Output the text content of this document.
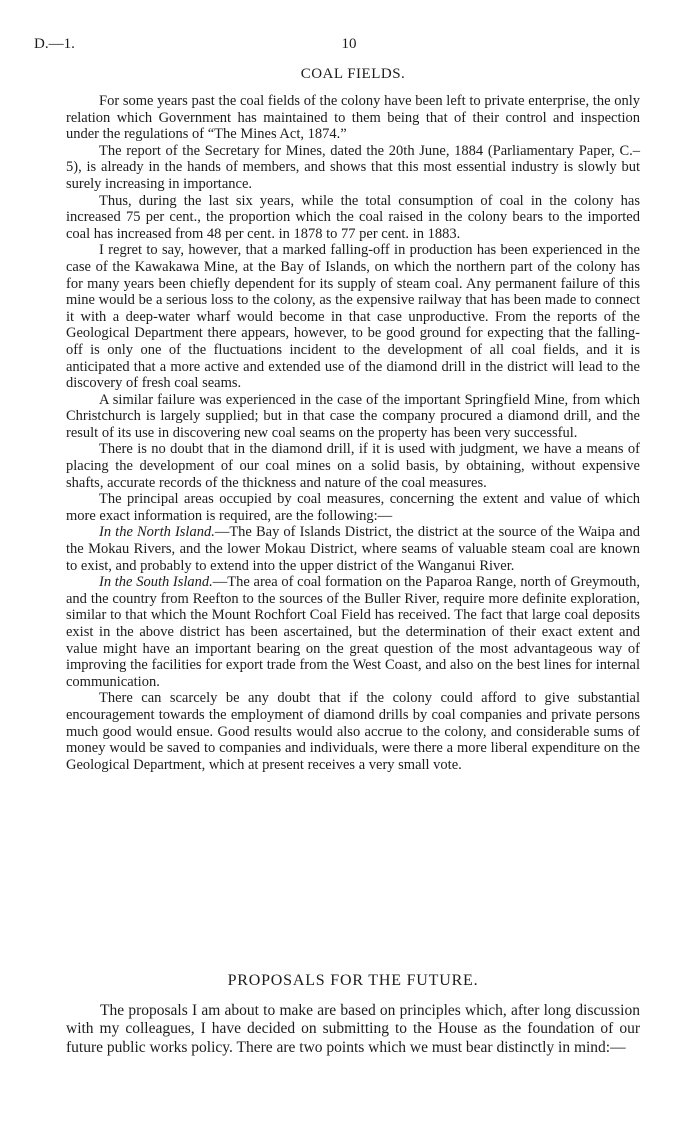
D.—1.	10
COAL FIELDS.

For some years past the coal fields of the colony have been left to private enterprise, the only relation which Government has maintained to them being that of their control and inspection under the regulations of “The Mines Act, 1874.”

The report of the Secretary for Mines, dated the 20th June, 1884 (Parliamentary Paper, C.–5), is already in the hands of members, and shows that this most essential industry is slowly but surely increasing in importance.

Thus, during the last six years, while the total consumption of coal in the colony has increased 75 per cent., the proportion which the coal raised in the colony bears to the imported coal has increased from 48 per cent. in 1878 to 77 per cent. in 1883.

I regret to say, however, that a marked falling-off in production has been experienced in the case of the Kawakawa Mine, at the Bay of Islands, on which the northern part of the colony has for many years been chiefly dependent for its supply of steam coal. Any permanent failure of this mine would be a serious loss to the colony, as the expensive railway that has been made to connect it with a deep-water wharf would become in that case unproductive. From the reports of the Geological Department there appears, however, to be good ground for expecting that the falling-off is only one of the fluctuations incident to the development of all coal fields, and it is anticipated that a more active and extended use of the diamond drill in the district will lead to the discovery of fresh coal seams.

A similar failure was experienced in the case of the important Springfield Mine, from which Christchurch is largely supplied; but in that case the company procured a diamond drill, and the result of its use in discovering new coal seams on the property has been very successful.

There is no doubt that in the diamond drill, if it is used with judgment, we have a means of placing the development of our coal mines on a solid basis, by obtaining, without expensive shafts, accurate records of the thickness and nature of the coal measures.

The principal areas occupied by coal measures, concerning the extent and value of which more exact information is required, are the following:—

In the North Island.—The Bay of Islands District, the district at the source of the Waipa and the Mokau Rivers, and the lower Mokau District, where seams of valuable steam coal are known to exist, and probably to extend into the upper district of the Wanganui River.

In the South Island.—The area of coal formation on the Paparoa Range, north of Greymouth, and the country from Reefton to the sources of the Buller River, require more definite exploration, similar to that which the Mount Rochfort Coal Field has received. The fact that large coal deposits exist in the above district has been ascertained, but the determination of their exact extent and value might have an important bearing on the great question of the most advantageous way of improving the facilities for export trade from the West Coast, and also on the best lines for internal communication.

There can scarcely be any doubt that if the colony could afford to give substantial encouragement towards the employment of diamond drills by coal companies and private persons much good would ensue. Good results would also accrue to the colony, and considerable sums of money would be saved to companies and individuals, were there a more liberal expenditure on the Geological Department, which at present receives a very small vote.

PROPOSALS FOR THE FUTURE.

The proposals I am about to make are based on principles which, after long discussion with my colleagues, I have decided on submitting to the House as the foundation of our future public works policy. There are two points which we must bear distinctly in mind:—
